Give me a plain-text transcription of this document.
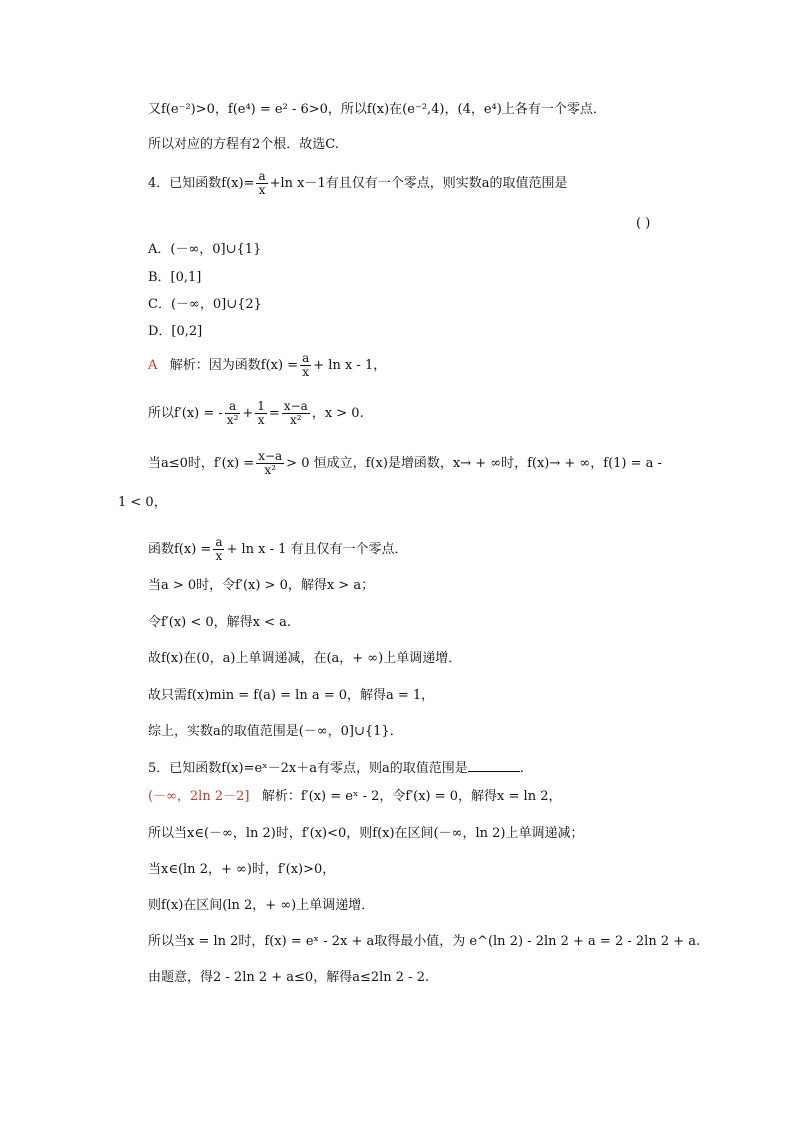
又f(e⁻²)>0，f(e⁴) = e² - 6>0，所以f(x)在(e⁻²,4)，(4，e⁴)上各有一个零点．
所以对应的方程有2个根．故选C.
4．已知函数$f(x)= \frac{a}{x} +\ln$ x－1有且仅有一个零点，则实数a的取值范围是
( )
A．(－∞，0]∪{1}
B．[0,1]
C．(－∞，0]∪{2}
D．[0,2]
A 解析：因为函数$f(x) = \frac{a}{x} + \ln x - 1$，
所以f′(x) = - $\frac{a}{\text{x²}} + \frac{1}{x} = \frac{x-a}{\text{x²}}$ ，x > 0.
当a≤0时，$f'(x) = \frac{x-a}{\text{x²}} > 0$ 恒成立，f(x)是增函数，x→ + ∞时，f(x)→ + ∞，f(1) = a -
1 < 0，
函数$f(x) = \frac{a}{x} + \ln x - 1$ 有且仅有一个零点．
当a > 0时，令f′(x) > 0，解得x > a；
令f′(x) < 0，解得x < a.
故f(x)在(0，a)上单调递减，在(a，+ ∞)上单调递增．
故只需f(x)min = f(a) = ln a = 0，解得a = 1，
综上，实数a的取值范围是(－∞，0]∪{1}．
5．已知函数f(x)=eˣ－2x＋a有零点，则a的取值范围是	.
(－∞，2ln 2－2] 解析：f′(x) = eˣ - 2，令f′(x) = 0，解得x = ln 2，
所以当x∈(－∞，ln 2)时，f′(x)<0，则f(x)在区间(－∞，ln 2)上单调递减；
当x∈(ln 2，+ ∞)时，f′(x)>0，
则f(x)在区间(ln 2，+ ∞)上单调递增．
所以当x = ln 2时，f(x) = eˣ - 2x + a取得最小值，为 e^(ln 2) - 2ln 2 + a = 2 - 2ln 2 + a.
由题意，得2 - 2ln 2 + a≤0，解得a≤2ln 2 - 2.
